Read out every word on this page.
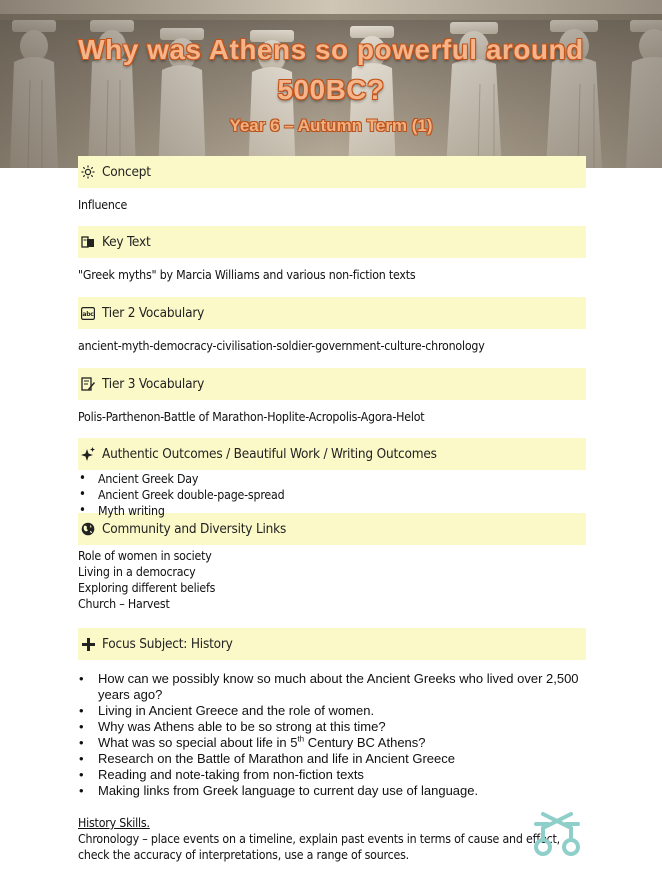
Why was Athens so powerful around
500BC?
Year 6 – Autumn Term (1)
Concept
Influence
Key Text
"Greek myths" by Marcia Williams and various non-fiction texts
abc Tier 2 Vocabulary
ancient-myth-democracy-civilisation-soldier-government-culture-chronology
Tier 3 Vocabulary
Polis-Parthenon-Battle of Marathon-Hoplite-Acropolis-Agora-Helot
Authentic Outcomes / Beautiful Work / Writing Outcomes
• Ancient Greek Day
• Ancient Greek double-page-spread
• Myth writing
Community and Diversity Links
Role of women in society
Living in a democracy
Exploring different beliefs
Church – Harvest
Focus Subject: History
• How can we possibly know so much about the Ancient Greeks who lived over 2,500 years ago?
• Living in Ancient Greece and the role of women.
• Why was Athens able to be so strong at this time?
• What was so special about life in 5th Century BC Athens?
• Research on the Battle of Marathon and life in Ancient Greece
• Reading and note-taking from non-fiction texts
• Making links from Greek language to current day use of language.
History Skills.
Chronology – place events on a timeline, explain past events in terms of cause and effect, check the accuracy of interpretations, use a range of sources.
